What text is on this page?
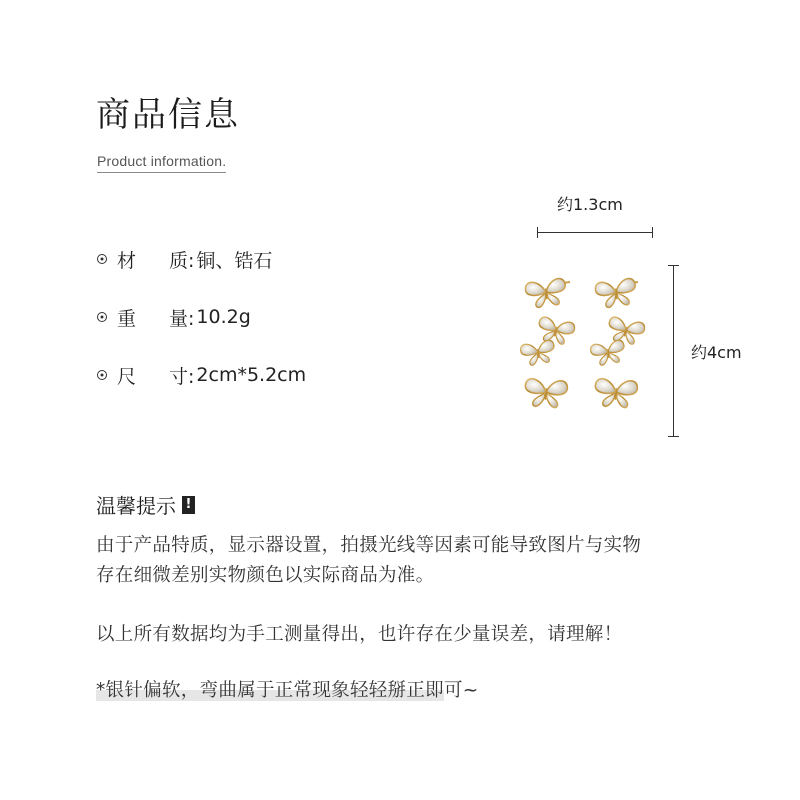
商品信息
Product information.
材	质: 铜、锆石
重	量: 10.2g
尺	寸: 2cm*5.2cm
约1.3cm
约4cm
温馨提示 !
由于产品特质，显示器设置，拍摄光线等因素可能导致图片与实物
存在细微差别实物颜色以实际商品为准。
以上所有数据均为手工测量得出，也许存在少量误差，请理解！
*银针偏软，弯曲属于正常现象轻轻掰正即可~
